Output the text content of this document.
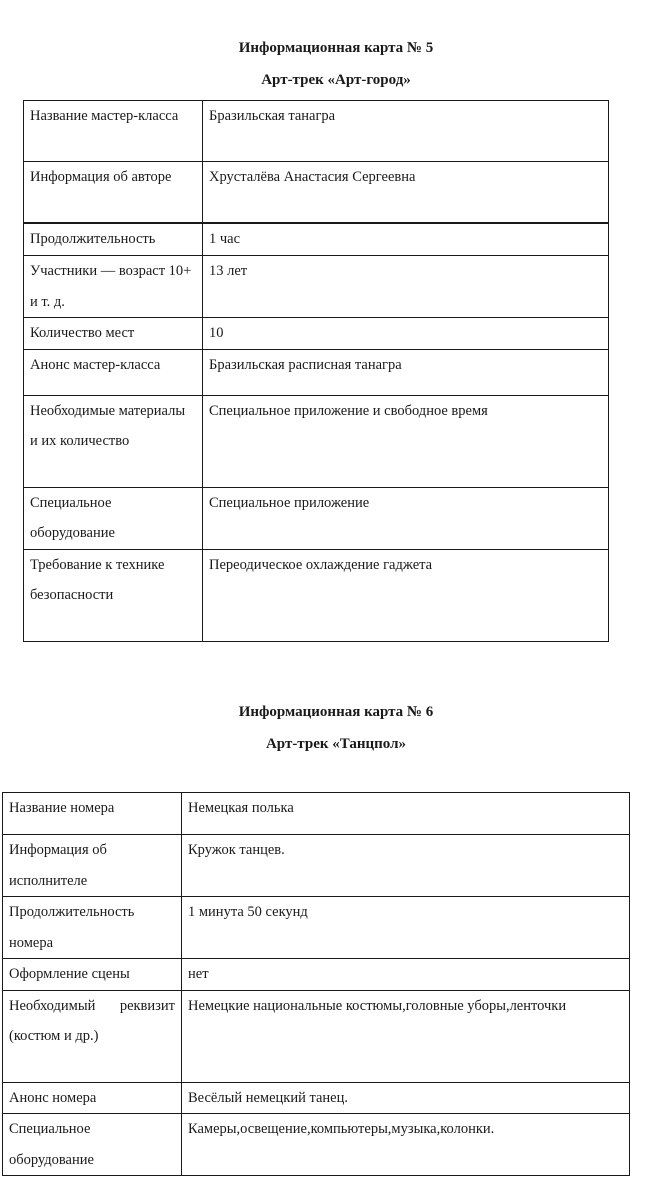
Информационная карта № 5
Арт-трек «Арт-город»
Название мастер-класса	Бразильская танагра
Информация об авторе	Хрусталёва Анастасия Сергеевна
Продолжительность	1 час
Участники — возраст 10+ и т. д.	13 лет
Количество мест	10
Анонс мастер-класса	Бразильская расписная танагра
Необходимые материалы и их количество	Специальное приложение и свободное время
Специальное оборудование	Специальное приложение
Требование к технике безопасности	Переодическое охлаждение гаджета
Информационная карта № 6
Арт-трек «Танцпол»
Название номера	Немецкая полька
Информация об исполнителе	Кружок танцев.
Продолжительность номера	1 минута 50 секунд
Оформление сцены	нет
Необходимый реквизит (костюм и др.)	Немецкие национальные костюмы,головные уборы,ленточки
Анонс номера	Весёлый немецкий танец.
Специальное оборудование	Камеры,освещение,компьютеры,музыка,колонки.
